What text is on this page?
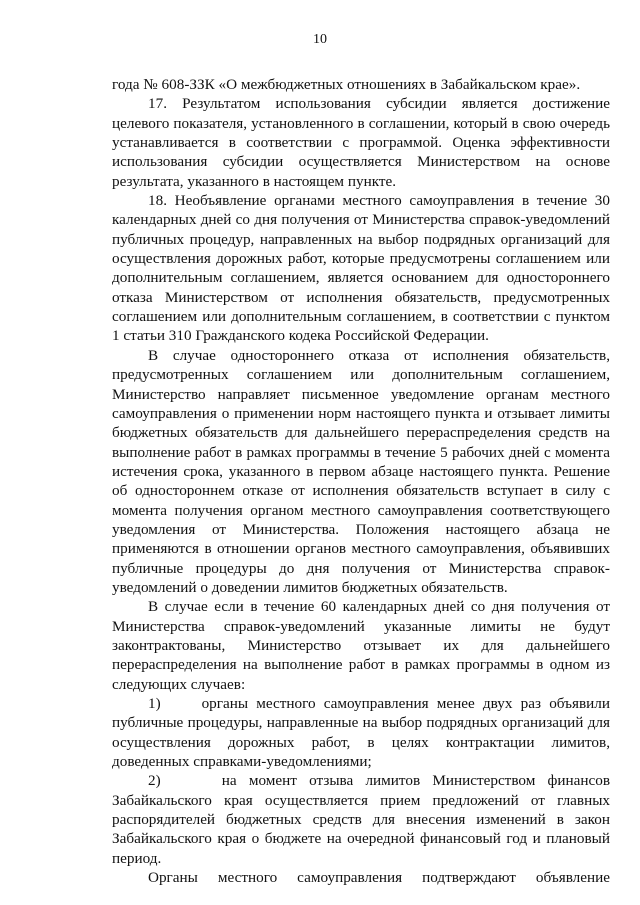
10

года № 608-ЗЗК «О межбюджетных отношениях в Забайкальском крае».

17. Результатом использования субсидии является достижение целевого показателя, установленного в соглашении, который в свою очередь устанавливается в соответствии с программой. Оценка эффективности использования субсидии осуществляется Министерством на основе результата, указанного в настоящем пункте.

18. Необъявление органами местного самоуправления в течение 30 календарных дней со дня получения от Министерства справок-уведомлений публичных процедур, направленных на выбор подрядных организаций для осуществления дорожных работ, которые предусмотрены соглашением или дополнительным соглашением, является основанием для одностороннего отказа Министерством от исполнения обязательств, предусмотренных соглашением или дополнительным соглашением, в соответствии с пунктом 1 статьи 310 Гражданского кодека Российской Федерации.

В случае одностороннего отказа от исполнения обязательств, предусмотренных соглашением или дополнительным соглашением, Министерство направляет письменное уведомление органам местного самоуправления о применении норм настоящего пункта и отзывает лимиты бюджетных обязательств для дальнейшего перераспределения средств на выполнение работ в рамках программы в течение 5 рабочих дней с момента истечения срока, указанного в первом абзаце настоящего пункта. Решение об одностороннем отказе от исполнения обязательств вступает в силу с момента получения органом местного самоуправления соответствующего уведомления от Министерства. Положения настоящего абзаца не применяются в отношении органов местного самоуправления, объявивших публичные процедуры до дня получения от Министерства справок-уведомлений о доведении лимитов бюджетных обязательств.

В случае если в течение 60 календарных дней со дня получения от Министерства справок-уведомлений указанные лимиты не будут законтрактованы, Министерство отзывает их для дальнейшего перераспределения на выполнение работ в рамках программы в одном из следующих случаев:

1)     органы местного самоуправления менее двух раз объявили публичные процедуры, направленные на выбор подрядных организаций для осуществления дорожных работ, в целях контрактации лимитов, доведенных справками-уведомлениями;

2)     на момент отзыва лимитов Министерством финансов Забайкальского края осуществляется прием предложений от главных распорядителей бюджетных средств для внесения изменений в закон Забайкальского края о бюджете на очередной финансовый год и плановый период.

Органы местного самоуправления подтверждают объявление
